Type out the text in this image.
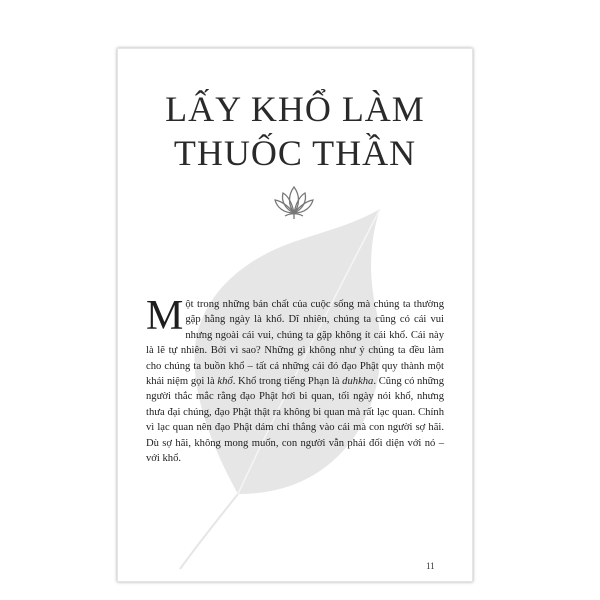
LẤY KHỔ LÀM
THUỐC THẦN
Một trong những bản chất của cuộc sống mà chúng ta thường gặp hằng ngày là khổ. Dĩ nhiên, chúng ta cũng có cái vui nhưng ngoài cái vui, chúng ta gặp không ít cái khổ. Cái này là lẽ tự nhiên. Bởi vì sao? Những gì không như ý chúng ta đều làm cho chúng ta buồn khổ – tất cả những cái đó đạo Phật quy thành một khái niệm gọi là khổ. Khổ trong tiếng Phạn là duhkha. Cũng có những người thắc mắc rằng đạo Phật hơi bi quan, tối ngày nói khổ, nhưng thưa đại chúng, đạo Phật thật ra không bi quan mà rất lạc quan. Chính vì lạc quan nên đạo Phật dám chỉ thẳng vào cái mà con người sợ hãi. Dù sợ hãi, không mong muốn, con người vẫn phải đối diện với nó – với khổ.
11
